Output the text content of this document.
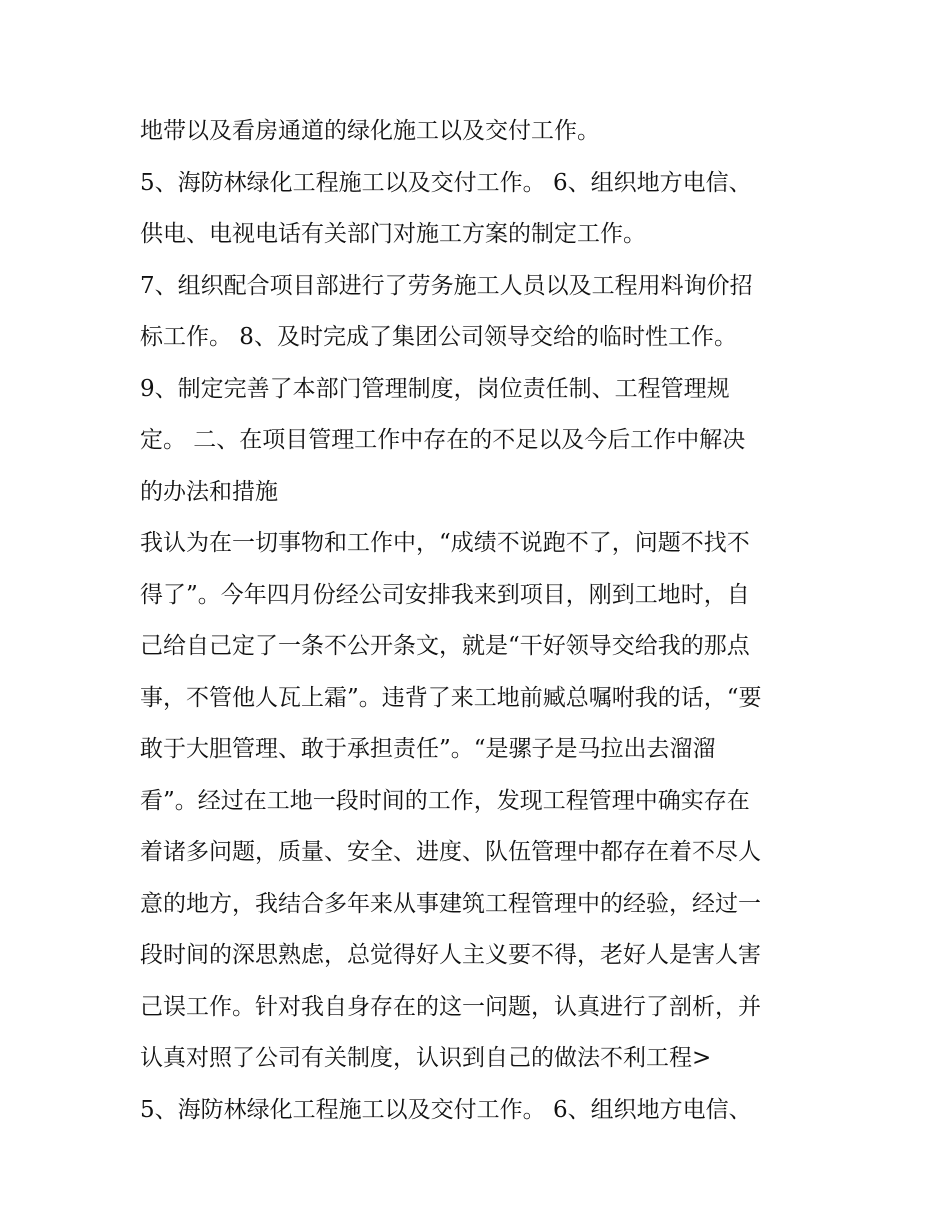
地带以及看房通道的绿化施工以及交付工作。
5、海防林绿化工程施工以及交付工作。 6、组织地方电信、
供电、电视电话有关部门对施工方案的制定工作。
7、组织配合项目部进行了劳务施工人员以及工程用料询价招
标工作。 8、及时完成了集团公司领导交给的临时性工作。
9、制定完善了本部门管理制度，岗位责任制、工程管理规
定。 二、在项目管理工作中存在的不足以及今后工作中解决
的办法和措施
我认为在一切事物和工作中，“成绩不说跑不了，问题不找不
得了”。今年四月份经公司安排我来到项目，刚到工地时，自
己给自己定了一条不公开条文，就是“干好领导交给我的那点
事，不管他人瓦上霜”。违背了来工地前臧总嘱咐我的话，“要
敢于大胆管理、敢于承担责任”。“是骡子是马拉出去溜溜
看”。经过在工地一段时间的工作，发现工程管理中确实存在
着诸多问题，质量、安全、进度、队伍管理中都存在着不尽人
意的地方，我结合多年来从事建筑工程管理中的经验，经过一
段时间的深思熟虑，总觉得好人主义要不得，老好人是害人害
己误工作。针对我自身存在的这一问题，认真进行了剖析，并
认真对照了公司有关制度，认识到自己的做法不利工程>
5、海防林绿化工程施工以及交付工作。 6、组织地方电信、
